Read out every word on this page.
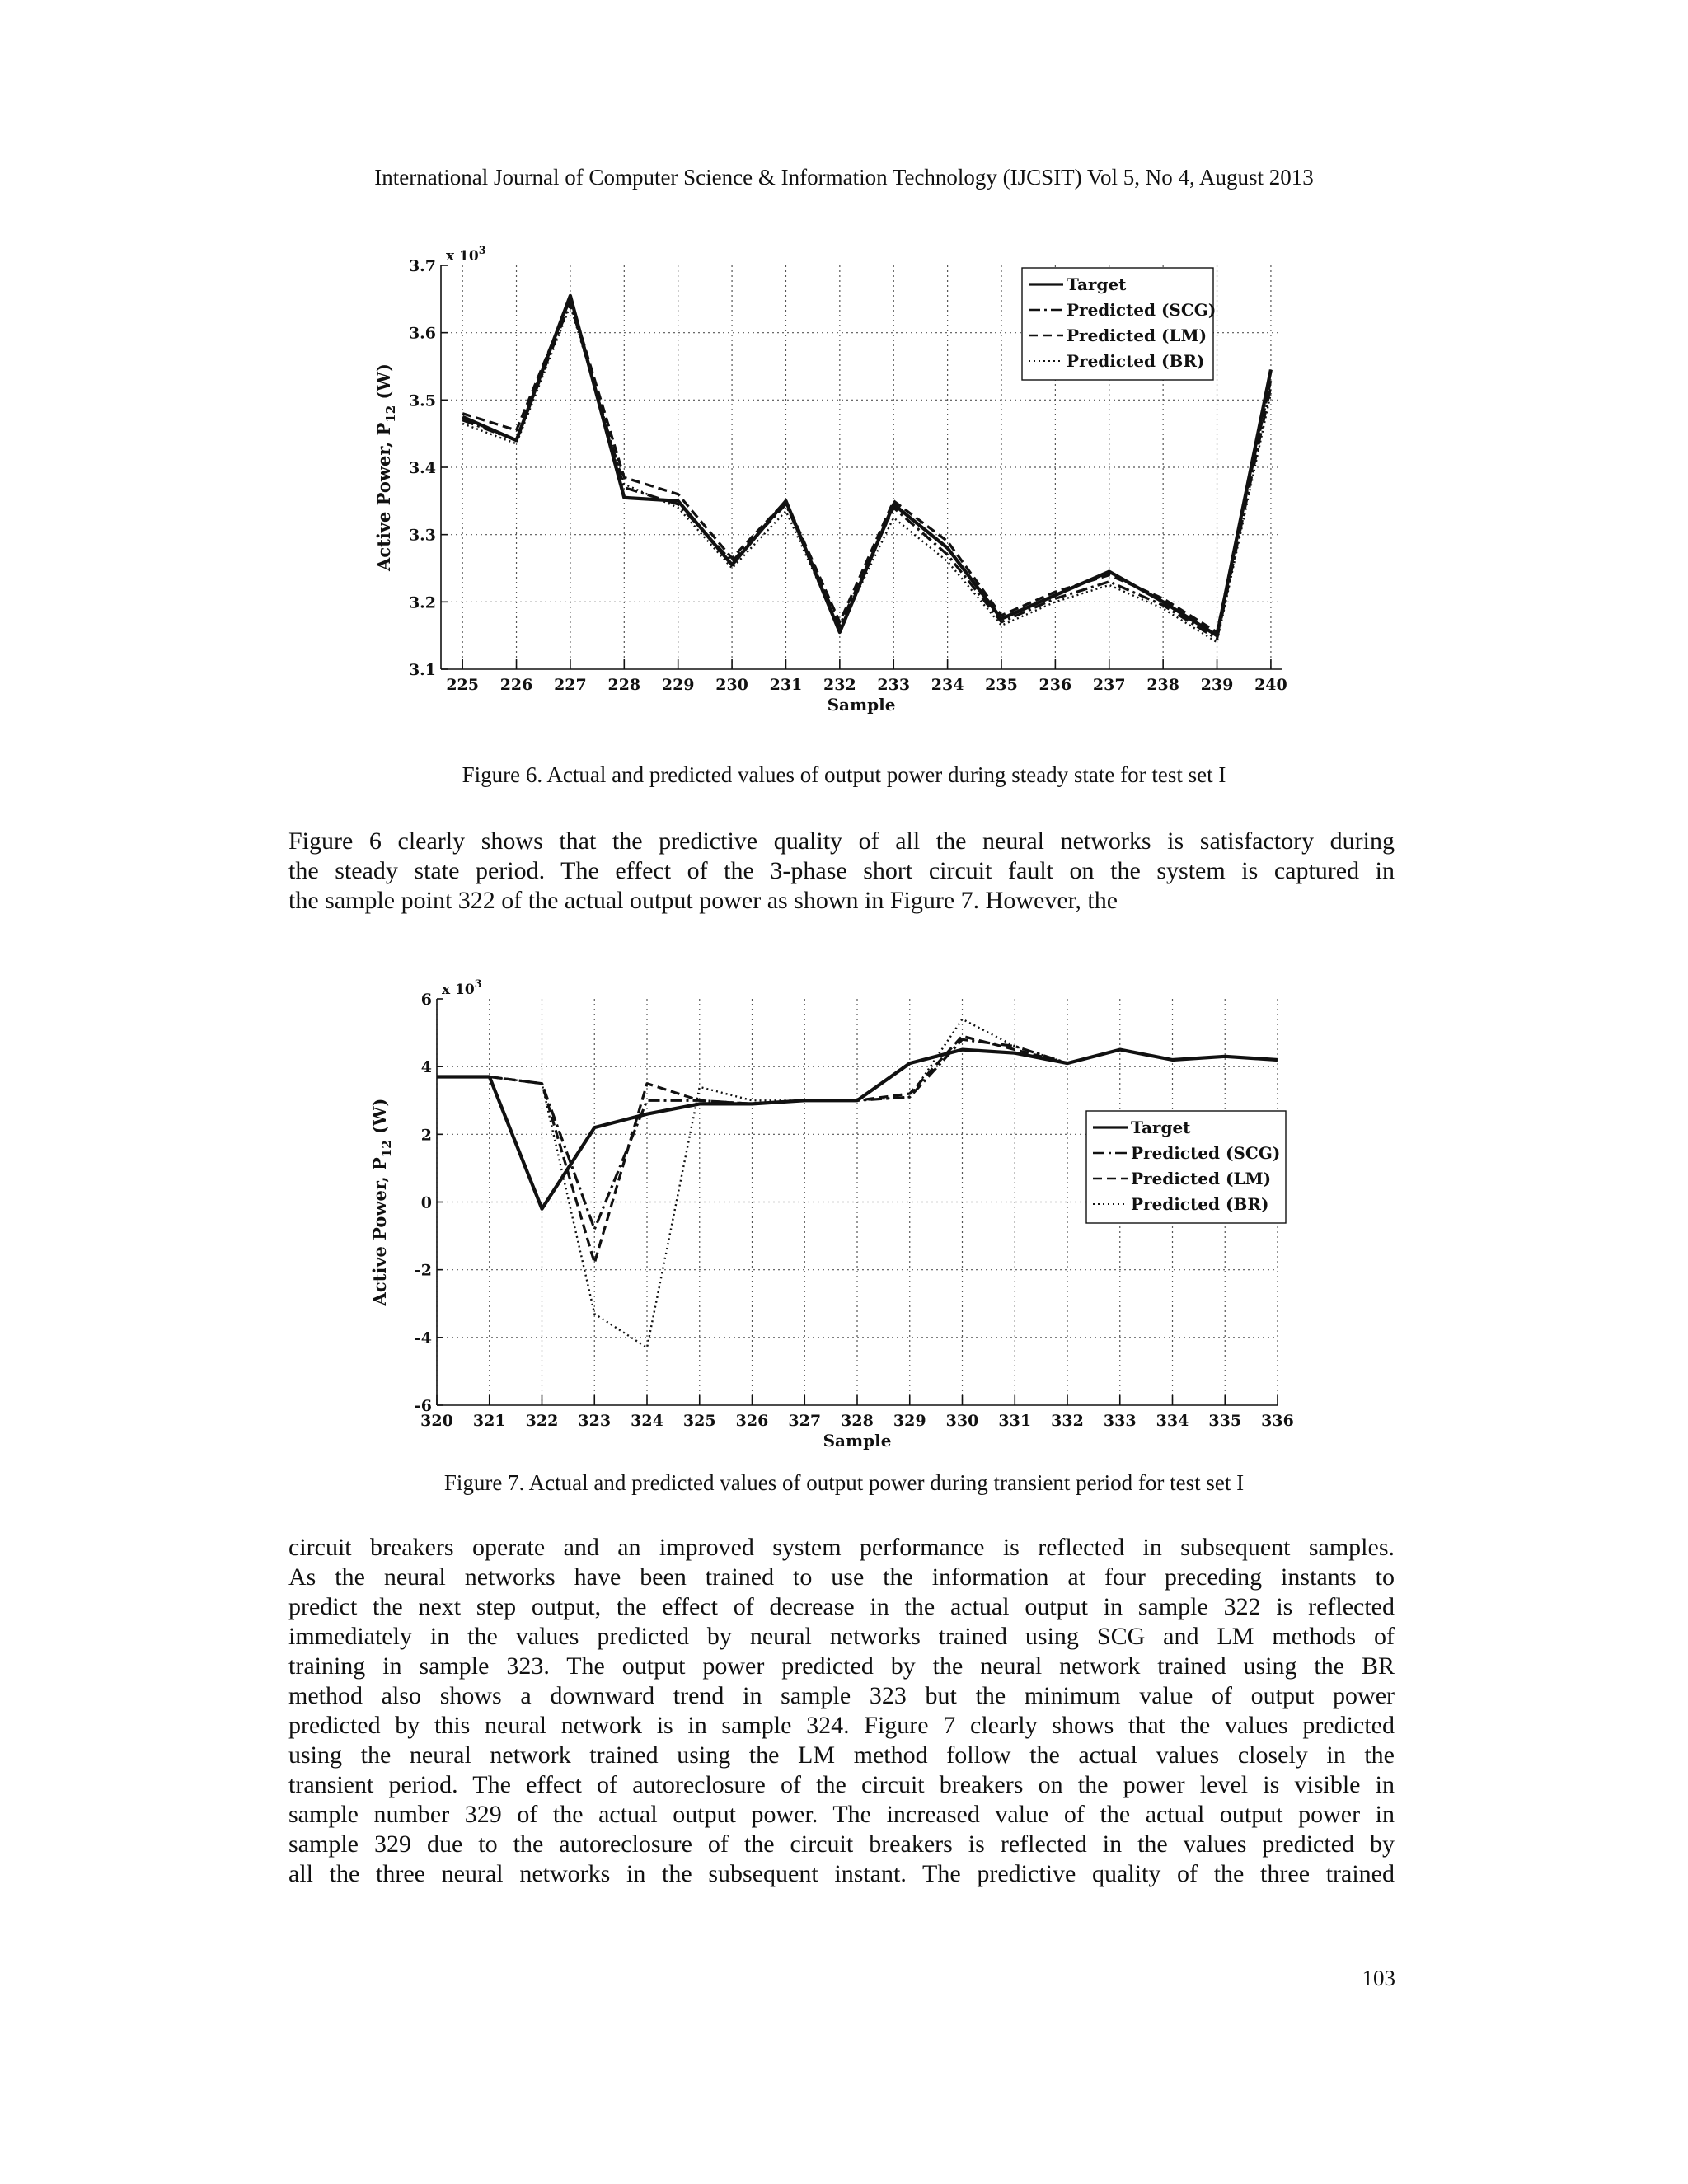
International Journal of Computer Science & Information Technology (IJCSIT) Vol 5, No 4, August 2013
3.1
3.2
3.3
3.4
3.5
3.6
3.7
225 226 227 228 229 230 231 232 233 234 235 236 237 238 239 240
x $10^3$
Sample
Active Power, $P_{12}$ (W)
Target
Predicted (SCG)
Predicted (LM)
Predicted (BR)
Figure 6. Actual and predicted values of output power during steady state for test set I
Figure 6 clearly shows that the predictive quality of all the neural networks is satisfactory during
the steady state period. The effect of the 3-phase short circuit fault on the system is captured in
the sample point 322 of the actual output power as shown in Figure 7. However, the
-6
-4
-2
0
2
4
6
320 321 322 323 324 325 326 327 328 329 330 331 332 333 334 335 336
x $10^3$
Sample
Active Power, $P_{12}$ (W)	Target
Predicted (SCG)
Predicted (LM)
Predicted (BR)
Figure 7. Actual and predicted values of output power during transient period for test set I
circuit breakers operate and an improved system performance is reflected in subsequent samples.
As the neural networks have been trained to use the information at four preceding instants to
predict the next step output, the effect of decrease in the actual output in sample 322 is reflected
immediately in the values predicted by neural networks trained using SCG and LM methods of
training in sample 323. The output power predicted by the neural network trained using the BR
method also shows a downward trend in sample 323 but the minimum value of output power
predicted by this neural network is in sample 324. Figure 7 clearly shows that the values predicted
using the neural network trained using the LM method follow the actual values closely in the
transient period. The effect of autoreclosure of the circuit breakers on the power level is visible in
sample number 329 of the actual output power. The increased value of the actual output power in
sample 329 due to the autoreclosure of the circuit breakers is reflected in the values predicted by
all the three neural networks in the subsequent instant. The predictive quality of the three trained
103
